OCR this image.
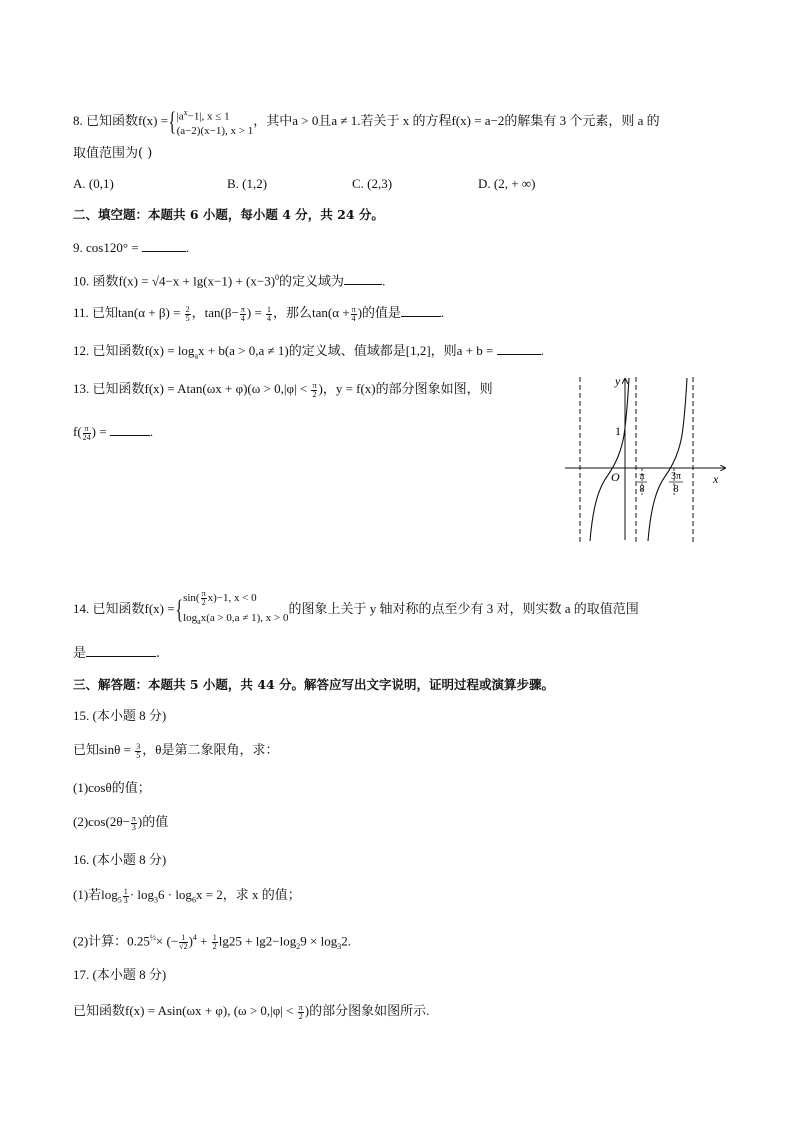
8. 已知函数f(x) ={ $|a^x-1|$, x ≤ 1
(a−2)(x−1), x > 1
，其中a > 0且a ≠ 1.若关于 x 的方程f(x) = a−2的解集有 3 个元素，则 a 的
取值范围为( )
A. (0,1)	B. (1,2)	C. (2,3)	D. (2, + ∞)
二、填空题：本题共 6 小题，每小题 4 分，共 24 分。
9. cos120° =	.
10. 函数$f(x) = √4-x + \lg(x-1) + (x-3)^0$的定义域为	.
11. 已知$\tan(\alpha + \beta) = \frac{2}{5}$ ，$\tan(\beta- \frac{\pi}{4}$ ) = $\frac{1}{4}$ ，那么$\tan(\alpha + \frac{\pi}{4}$ )的值是	.
12. 已知函数$f(x) = \log_ax + b(a > 0,a \ne 1)$的定义域、值域都是[1,2]，则a + b =	.
13. 已知函数$f(x) = Atan(\omega x + \varphi)(\omega > 0,|\varphi| < \frac{\pi}{2}$ )，y = f(x)的部分图象如图，则
$f( \frac{\pi}{24}$ ) =	.
y
1
O	x
π
8
3π
8
14. 已知函数f(x) ={ $\sin( \frac{\pi}{2} x)-1$, x < 0
$\log_ax(a > 0,a \ne 1)$, x > 0
的图象上关于 y 轴对称的点至少有 3 对，则实数 a 的取值范围
是	.
三、解答题：本题共 5 小题，共 44 分。解答应写出文字说明，证明过程或演算步骤。
15. (本小题 8 分)
已知$\sin\theta = \frac{3}{5}$ ，θ是第二象限角，求：
(1)cosθ的值；
$(2)\cos(2\theta- \frac{\pi}{3}$ )的值
16. (本小题 8 分)
(1)若$\log_5 \frac{1}{3} \cdot \log_36 \cdot \log_6x = 2$，求 x 的值；
(2)计算：$0.25^{\frac{1}{2}}\times$ (− $\frac{1}{√2} )^4 + \frac{1}{2} \lg 25 + \lg 2-\log_29 \times \log_32$.
17. (本小题 8 分)
已知函数f(x) = Asin(ωx + φ), ($\omega > 0,|\varphi| < \frac{\pi}{2}$ )的部分图象如图所示.
